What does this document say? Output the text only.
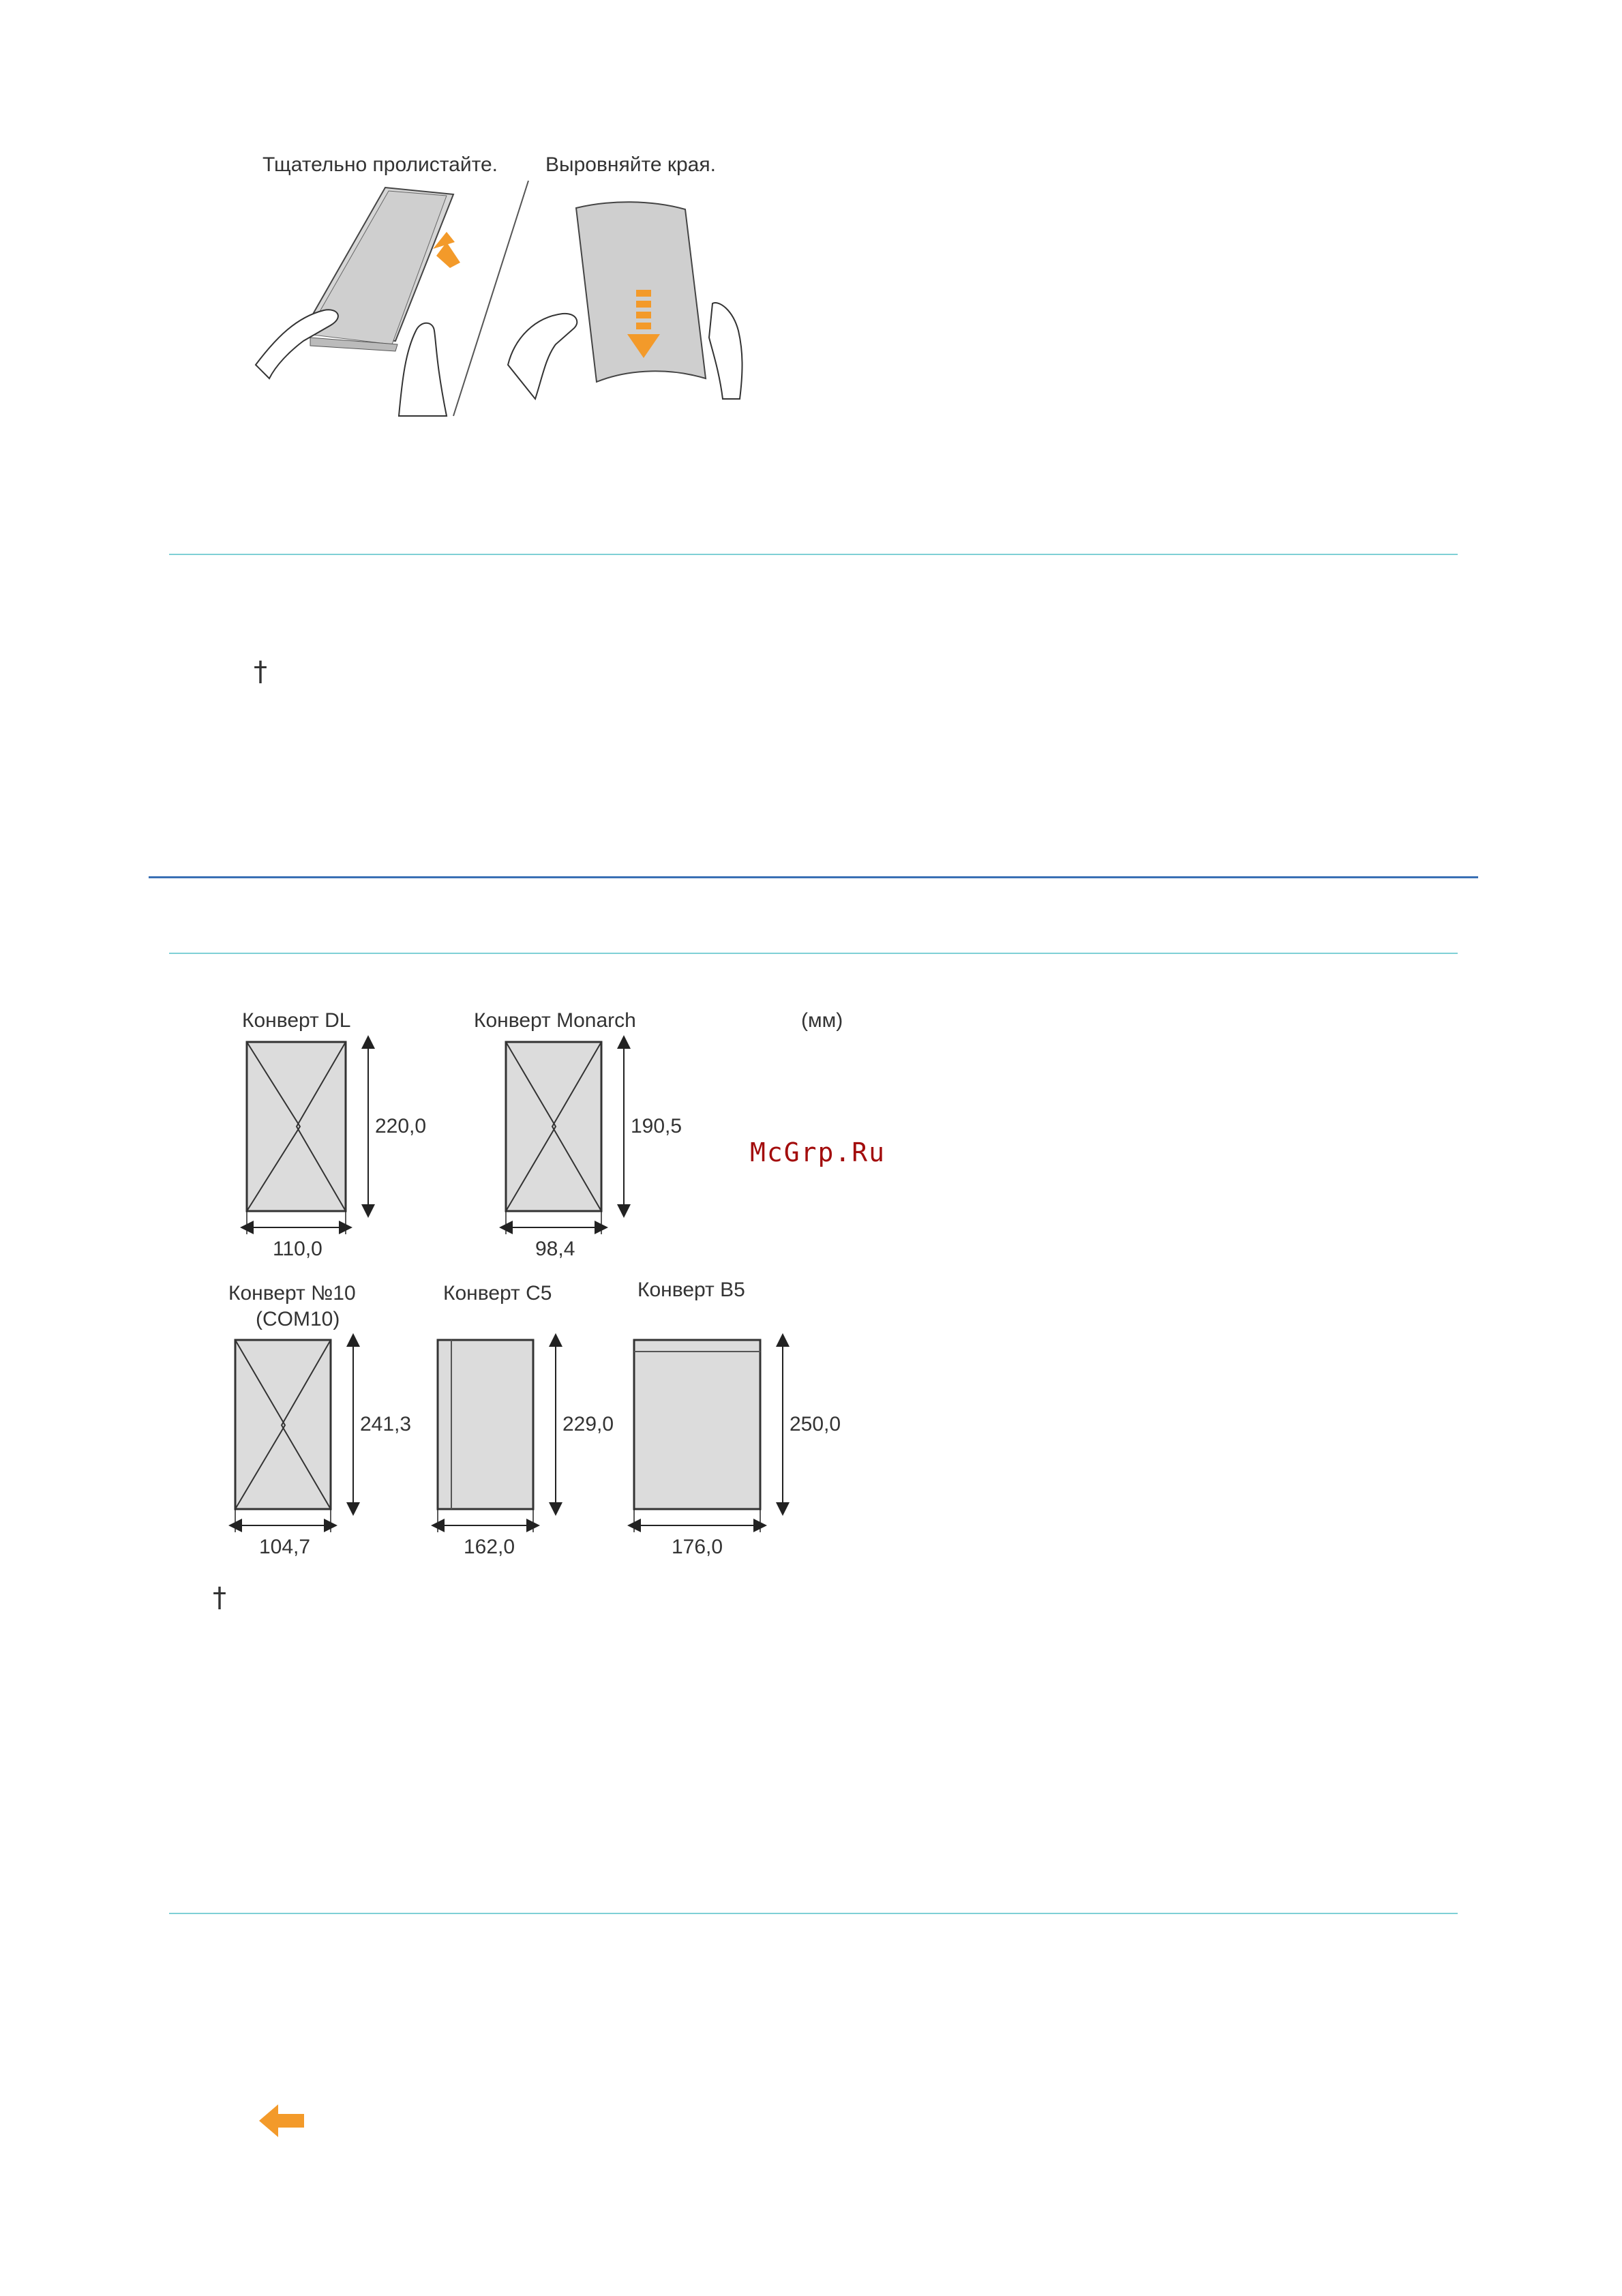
Тщательно пролистайте. Выровняйте края.
†
(мм)
Конверт DL
220,0
110,0
Конверт Monarch
190,5
98,4
Конверт №10
(COM10)
241,3
104,7
Конверт C5
229,0
162,0
Конверт B5
250,0
176,0
McGrp.Ru
†
